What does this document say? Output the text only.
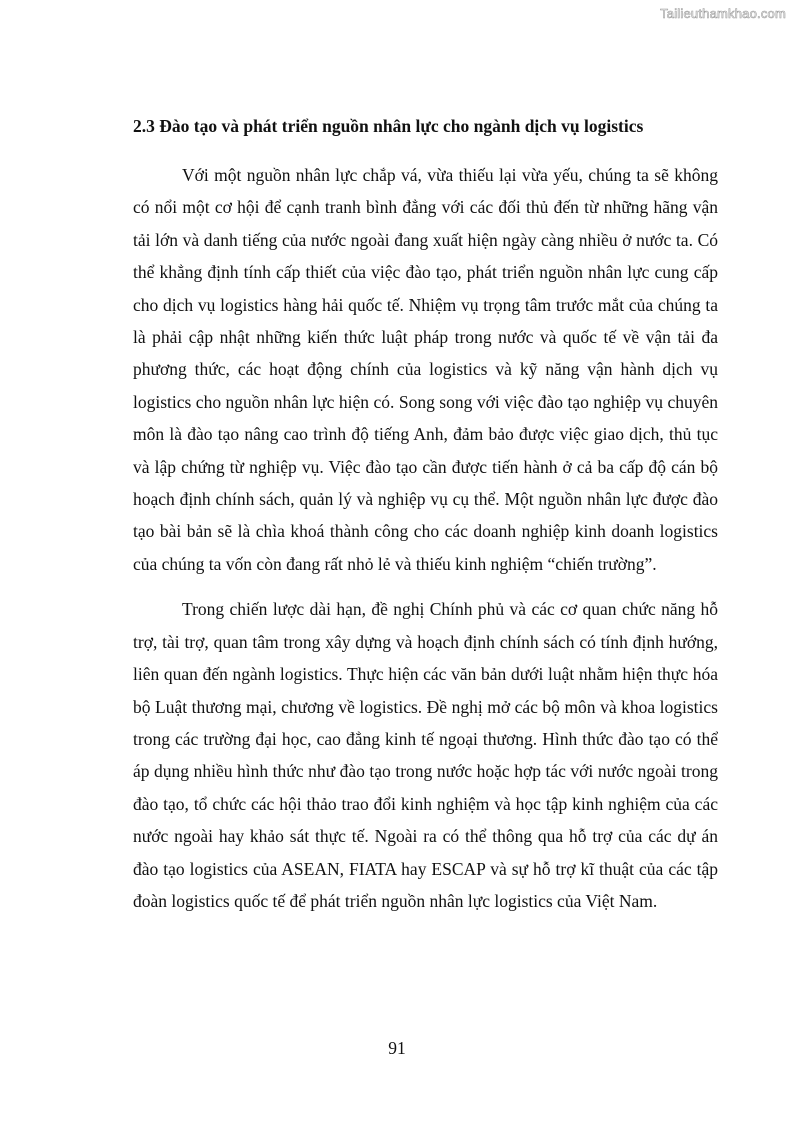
Tailieuthamkhao.com
2.3 Đào tạo và phát triển nguồn nhân lực cho ngành dịch vụ logistics

Với một nguồn nhân lực chắp vá, vừa thiếu lại vừa yếu, chúng ta sẽ không có nổi một cơ hội để cạnh tranh bình đẳng với các đối thủ đến từ những hãng vận tải lớn và danh tiếng của nước ngoài đang xuất hiện ngày càng nhiều ở nước ta. Có thể khẳng định tính cấp thiết của việc đào tạo, phát triển nguồn nhân lực cung cấp cho dịch vụ logistics hàng hải quốc tế. Nhiệm vụ trọng tâm trước mắt của chúng ta là phải cập nhật những kiến thức luật pháp trong nước và quốc tế về vận tải đa phương thức, các hoạt động chính của logistics và kỹ năng vận hành dịch vụ logistics cho nguồn nhân lực hiện có. Song song với việc đào tạo nghiệp vụ chuyên môn là đào tạo nâng cao trình độ tiếng Anh, đảm bảo được việc giao dịch, thủ tục và lập chứng từ nghiệp vụ. Việc đào tạo cần được tiến hành ở cả ba cấp độ cán bộ hoạch định chính sách, quản lý và nghiệp vụ cụ thể. Một nguồn nhân lực được đào tạo bài bản sẽ là chìa khoá thành công cho các doanh nghiệp kinh doanh logistics của chúng ta vốn còn đang rất nhỏ lẻ và thiếu kinh nghiệm “chiến trường”.

Trong chiến lược dài hạn, đề nghị Chính phủ và các cơ quan chức năng hỗ trợ, tài trợ, quan tâm trong xây dựng và hoạch định chính sách có tính định hướng, liên quan đến ngành logistics. Thực hiện các văn bản dưới luật nhằm hiện thực hóa bộ Luật thương mại, chương về logistics. Đề nghị mở các bộ môn và khoa logistics trong các trường đại học, cao đẳng kinh tế ngoại thương. Hình thức đào tạo có thể áp dụng nhiều hình thức như đào tạo trong nước hoặc hợp tác với nước ngoài trong đào tạo, tổ chức các hội thảo trao đổi kinh nghiệm và học tập kinh nghiệm của các nước ngoài hay khảo sát thực tế. Ngoài ra có thể thông qua hỗ trợ của các dự án đào tạo logistics của ASEAN, FIATA hay ESCAP và sự hỗ trợ kĩ thuật của các tập đoàn logistics quốc tế để phát triển nguồn nhân lực logistics của Việt Nam.

91
